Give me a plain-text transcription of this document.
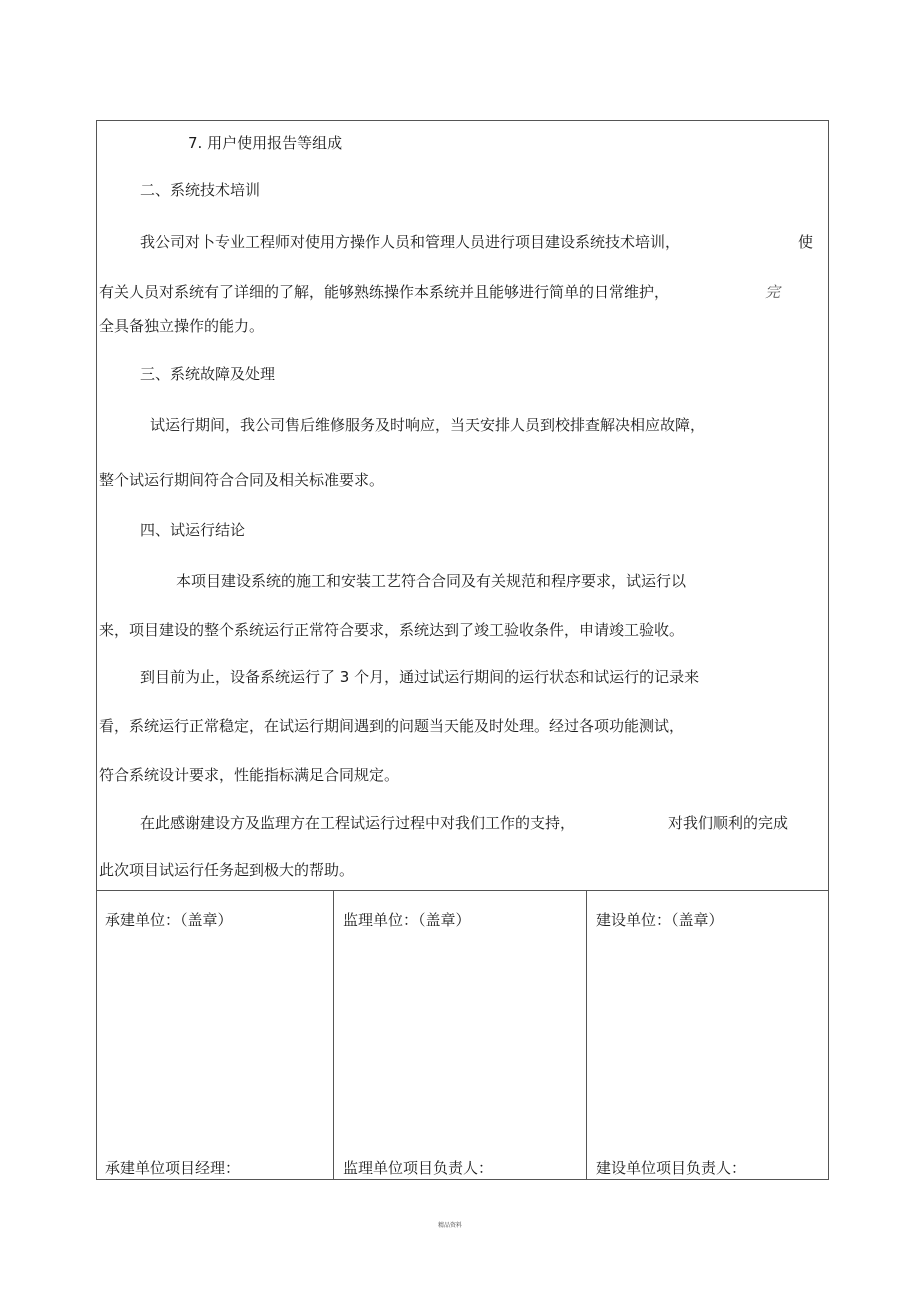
7. 用户使用报告等组成
二、系统技术培训
我公司对卜专业工程师对使用方操作人员和管理人员进行项目建设系统技术培训，	使
有关人员对系统有了详细的了解，能够熟练操作本系统并且能够进行简单的日常维护，	完
全具备独立操作的能力。
三、系统故障及处理
试运行期间，我公司售后维修服务及时响应，当天安排人员到校排查解决相应故障，
整个试运行期间符合合同及相关标准要求。
四、试运行结论
本项目建设系统的施工和安装工艺符合合同及有关规范和程序要求，试运行以
来，项目建设的整个系统运行正常符合要求，系统达到了竣工验收条件，申请竣工验收。
到目前为止，设备系统运行了 3 个月，通过试运行期间的运行状态和试运行的记录来
看，系统运行正常稳定，在试运行期间遇到的问题当天能及时处理。经过各项功能测试，
符合系统设计要求，性能指标满足合同规定。
在此感谢建设方及监理方在工程试运行过程中对我们工作的支持，	对我们顺利的完成
此次项目试运行任务起到极大的帮助。
承建单位：（盖章）	监理单位：（盖章）	建设单位：（盖章）
承建单位项目经理：	监理单位项目负责人：	建设单位项目负责人：
精品资料
